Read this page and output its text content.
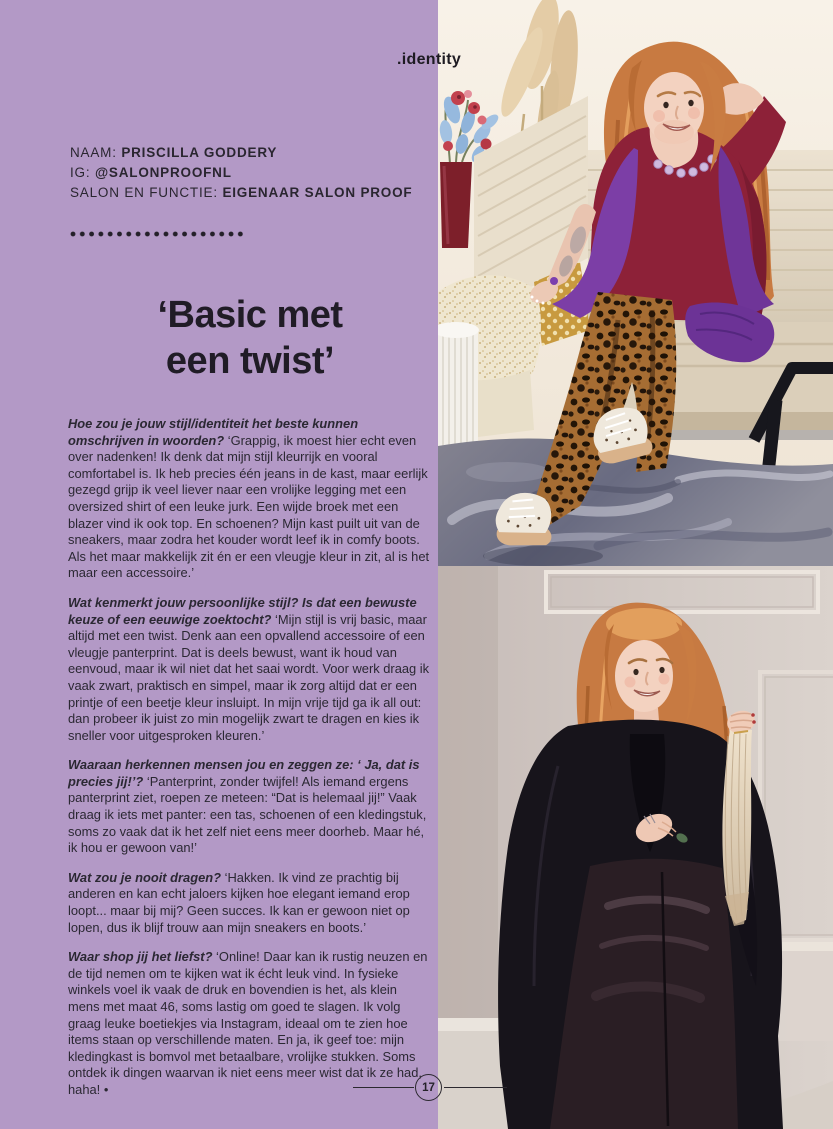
.identity
NAAM: PRISCILLA GODDERY
IG: @SALONPROOFNL
SALON EN FUNCTIE: EIGENAAR SALON PROOF
‘Basic met
een twist’

Hoe zou je jouw stijl/identiteit het beste kunnen omschrijven in woorden? ‘Grappig, ik moest hier echt even over nadenken! Ik denk dat mijn stijl kleurrijk en vooral comfortabel is. Ik heb precies één jeans in de kast, maar eerlijk gezegd grijp ik veel liever naar een vrolijke legging met een oversized shirt of een leuke jurk. Een wijde broek met een blazer vind ik ook top. En schoenen? Mijn kast puilt uit van de sneakers, maar zodra het kouder wordt leef ik in comfy boots. Als het maar makkelijk zit én er een vleugje kleur in zit, al is het maar een accessoire.’

Wat kenmerkt jouw persoonlijke stijl? Is dat een bewuste keuze of een eeuwige zoektocht? ‘Mijn stijl is vrij basic, maar altijd met een twist. Denk aan een opvallend accessoire of een vleugje panterprint. Dat is deels bewust, want ik houd van eenvoud, maar ik wil niet dat het saai wordt. Voor werk draag ik vaak zwart, praktisch en simpel, maar ik zorg altijd dat er een printje of een beetje kleur insluipt. In mijn vrije tijd ga ik all out: dan probeer ik juist zo min mogelijk zwart te dragen en kies ik sneller voor uitgesproken kleuren.’

Waaraan herkennen mensen jou en zeggen ze: ‘ Ja, dat is precies jij!’? ‘Panterprint, zonder twijfel! Als iemand ergens panterprint ziet, roepen ze meteen: “Dat is helemaal jij!” Vaak draag ik iets met panter: een tas, schoenen of een kledingstuk, soms zo vaak dat ik het zelf niet eens meer doorheb. Maar hé, ik hou er gewoon van!’

Wat zou je nooit dragen? ‘Hakken. Ik vind ze prachtig bij anderen en kan echt jaloers kijken hoe elegant iemand erop loopt... maar bij mij? Geen succes. Ik kan er gewoon niet op lopen, dus ik blijf trouw aan mijn sneakers en boots.’

Waar shop jij het liefst? ‘Online! Daar kan ik rustig neuzen en de tijd nemen om te kijken wat ik écht leuk vind. In fysieke winkels voel ik vaak de druk en bovendien is het, als klein mens met maat 46, soms lastig om goed te slagen. Ik volg graag leuke boetiekjes via Instagram, ideaal om te zien hoe items staan op verschillende maten. En ja, ik geef toe: mijn kledingkast is bomvol met betaalbare, vrolijke stukken. Soms ontdek ik dingen waarvan ik niet eens meer wist dat ik ze had, haha! •	17
